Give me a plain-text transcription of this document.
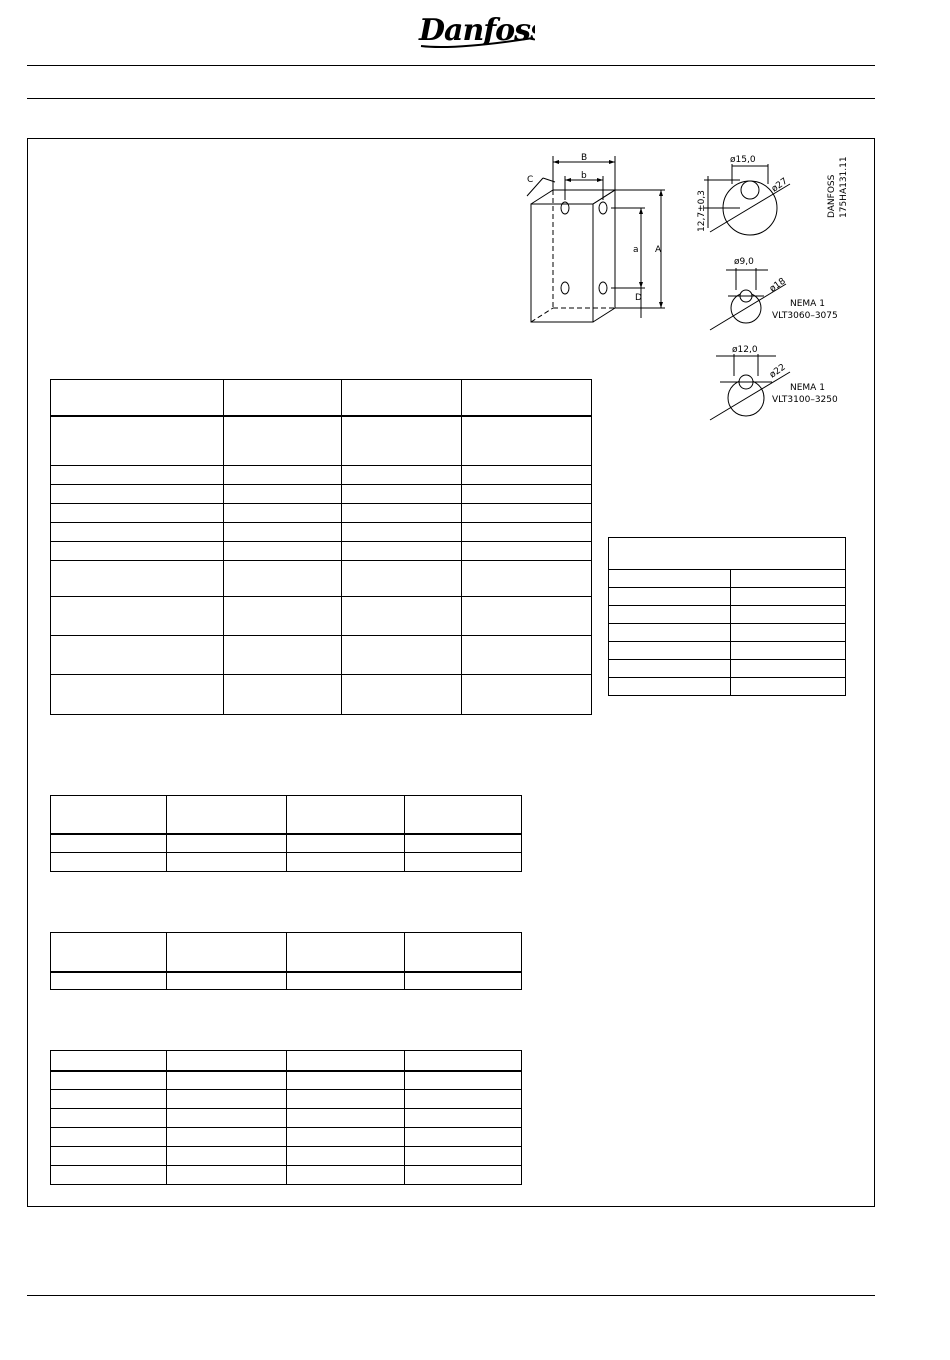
Danfoss
B
b
C
a A
D
ø15,0
ø27
12,7±0,3	DANFOSS 175HA131.11
ø9,0
ø18
NEMA 1
VLT3060–3075
ø12,0
ø22
NEMA 1
VLT3100–3250
